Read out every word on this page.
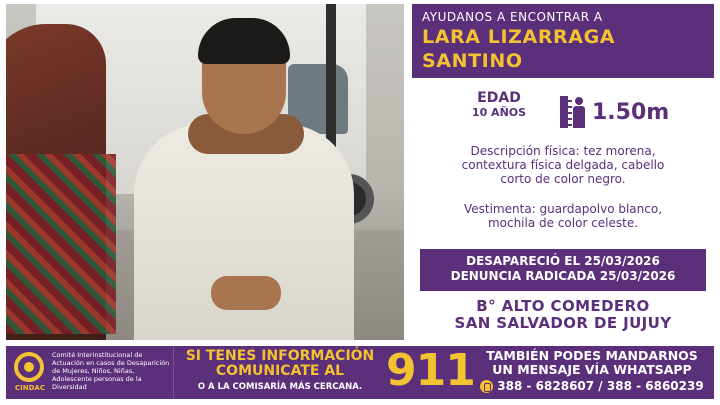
AYUDANOS A ENCONTRAR A
LARA LIZARRAGA
SANTINO
EDAD
10 AÑOS	1.50m
Descripción física: tez morena,
contextura física delgada, cabello
corto de color negro.
Vestimenta: guardapolvo blanco,
mochila de color celeste.
DESAPARECIÓ EL 25/03/2026
DENUNCIA RADICADA 25/03/2026
B° ALTO COMEDERO
SAN SALVADOR DE JUJUY
CINDAC
Comité Interinstitucional de Actuación en casos de Desaparición de Mujeres, Niños, Niñas, Adolescente personas de la Diversidad
SI TENES INFORMACIÓN
COMUNICATE AL
O A LA COMISARÍA MÁS CERCANA. 911 TAMBIÉN PODES MANDARNOS
UN MENSAJE VÍA WHATSAPP
388 - 6828607 / 388 - 6860239
